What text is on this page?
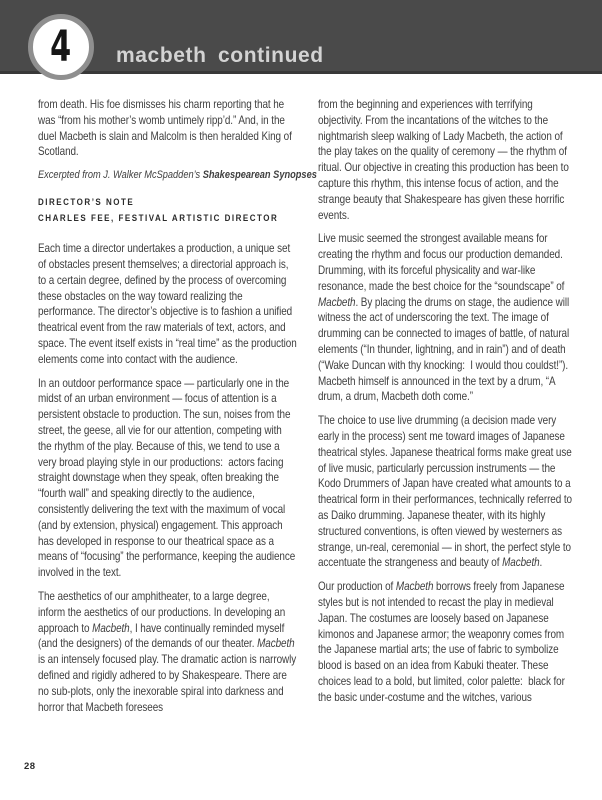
macbeth continued
4

from death. His foe dismisses his charm reporting that he was “from his mother’s womb untimely ripp’d.” And, in the duel Macbeth is slain and Malcolm is then heralded King of Scotland.

Excerpted from J. Walker McSpadden’s Shakespearean Synopses

DIRECTOR’S NOTE
CHARLES FEE, FESTIVAL ARTISTIC DIRECTOR

Each time a director undertakes a production, a unique set of obstacles present themselves; a directorial approach is, to a certain degree, defined by the process of overcoming these obstacles on the way toward realizing the performance. The director’s objective is to fashion a unified theatrical event from the raw materials of text, actors, and space. The event itself exists in “real time” as the production elements come into contact with the audience.

In an outdoor performance space — particularly one in the midst of an urban environment — focus of attention is a persistent obstacle to production. The sun, noises from the street, the geese, all vie for our attention, competing with the rhythm of the play. Because of this, we tend to use a very broad playing style in our productions:  actors facing straight downstage when they speak, often breaking the “fourth wall” and speaking directly to the audience, consistently delivering the text with the maximum of vocal (and by extension, physical) engagement. This approach has developed in response to our theatrical space as a means of “focusing” the performance, keeping the audience involved in the text.

The aesthetics of our amphitheater, to a large degree, inform the aesthetics of our productions. In developing an approach to Macbeth, I have continually reminded myself (and the designers) of the demands of our theater. Macbeth is an intensely focused play. The dramatic action is narrowly defined and rigidly adhered to by Shakespeare. There are no sub-plots, only the inexorable spiral into darkness and horror that Macbeth foresees

from the beginning and experiences with terrifying objectivity. From the incantations of the witches to the nightmarish sleep walking of Lady Macbeth, the action of the play takes on the quality of ceremony — the rhythm of ritual. Our objective in creating this production has been to capture this rhythm, this intense focus of action, and the strange beauty that Shakespeare has given these horrific events.

Live music seemed the strongest available means for creating the rhythm and focus our production demanded. Drumming, with its forceful physicality and war-like resonance, made the best choice for the “soundscape” of Macbeth. By placing the drums on stage, the audience will witness the act of underscoring the text. The image of drumming can be connected to images of battle, of natural elements (“In thunder, lightning, and in rain”) and of death (“Wake Duncan with thy knocking:  I would thou couldst!”). Macbeth himself is announced in the text by a drum, “A drum, a drum, Macbeth doth come.”

The choice to use live drumming (a decision made very early in the process) sent me toward images of Japanese theatrical styles. Japanese theatrical forms make great use of live music, particularly percussion instruments — the Kodo Drummers of Japan have created what amounts to a theatrical form in their performances, technically referred to as Daiko drumming. Japanese theater, with its highly structured conventions, is often viewed by westerners as strange, un-real, ceremonial — in short, the perfect style to accentuate the strangeness and beauty of Macbeth.

Our production of Macbeth borrows freely from Japanese styles but is not intended to recast the play in medieval Japan. The costumes are loosely based on Japanese kimonos and Japanese armor; the weaponry comes from the Japanese martial arts; the use of fabric to symbolize blood is based on an idea from Kabuki theater. These choices lead to a bold, but limited, color palette:  black for the basic under-costume and the witches, various

28
